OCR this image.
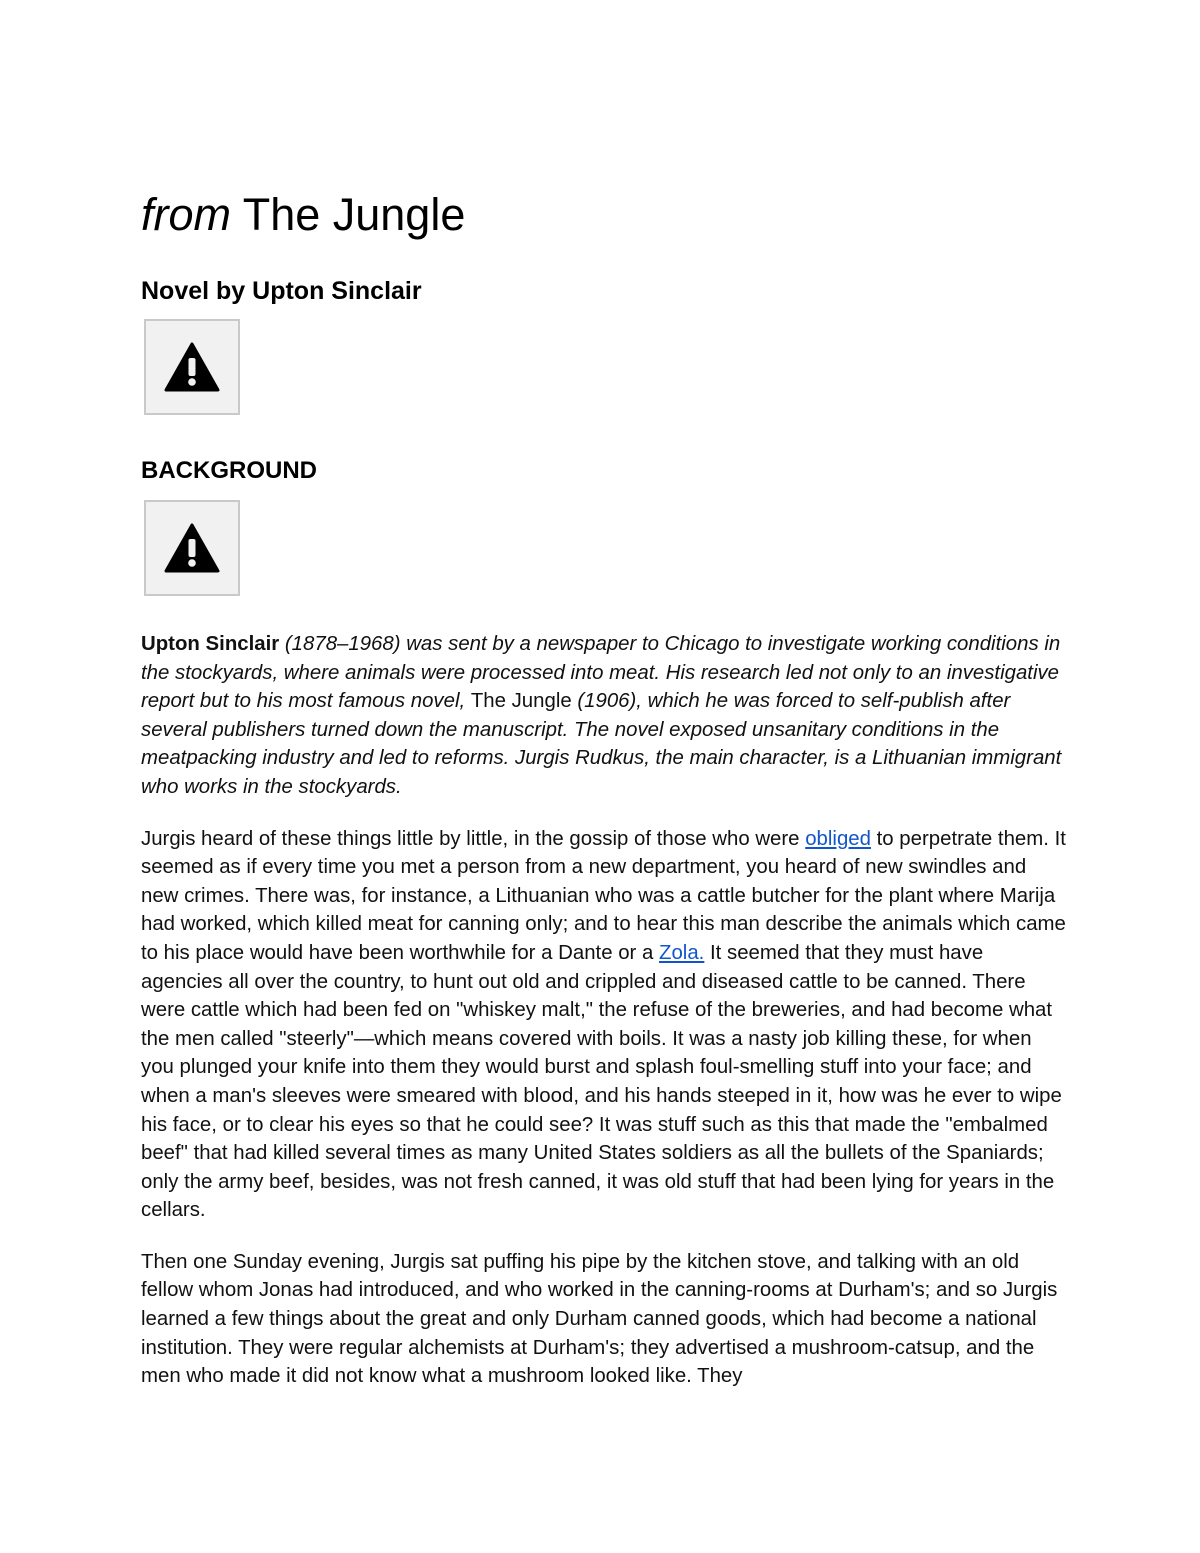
from The Jungle
Novel by Upton Sinclair
BACKGROUND

Upton Sinclair (1878–1968) was sent by a newspaper to Chicago to investigate working conditions in the stockyards, where animals were processed into meat. His research led not only to an investigative report but to his most famous novel, The Jungle (1906), which he was forced to self-publish after several publishers turned down the manuscript. The novel exposed unsanitary conditions in the meatpacking industry and led to reforms. Jurgis Rudkus, the main character, is a Lithuanian immigrant who works in the stockyards.

Jurgis heard of these things little by little, in the gossip of those who were obliged to perpetrate them. It seemed as if every time you met a person from a new department, you heard of new swindles and new crimes. There was, for instance, a Lithuanian who was a cattle butcher for the plant where Marija had worked, which killed meat for canning only; and to hear this man describe the animals which came to his place would have been worthwhile for a Dante or a Zola. It seemed that they must have agencies all over the country, to hunt out old and crippled and diseased cattle to be canned. There were cattle which had been fed on "whiskey malt," the refuse of the breweries, and had become what the men called "steerly"—which means covered with boils. It was a nasty job killing these, for when you plunged your knife into them they would burst and splash foul-smelling stuff into your face; and when a man's sleeves were smeared with blood, and his hands steeped in it, how was he ever to wipe his face, or to clear his eyes so that he could see? It was stuff such as this that made the "embalmed beef" that had killed several times as many United States soldiers as all the bullets of the Spaniards; only the army beef, besides, was not fresh canned, it was old stuff that had been lying for years in the cellars.

Then one Sunday evening, Jurgis sat puffing his pipe by the kitchen stove, and talking with an old fellow whom Jonas had introduced, and who worked in the canning-rooms at Durham's; and so Jurgis learned a few things about the great and only Durham canned goods, which had become a national institution. They were regular alchemists at Durham's; they advertised a mushroom-catsup, and the men who made it did not know what a mushroom looked like. They
